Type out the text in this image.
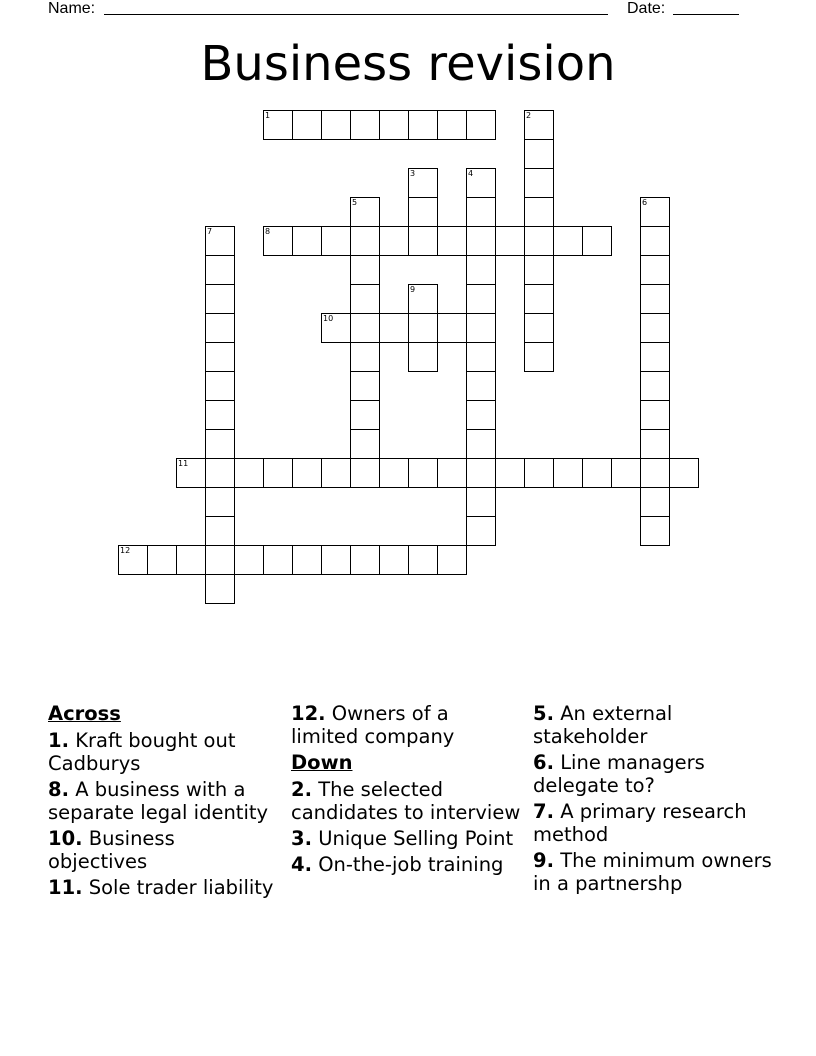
Name:	Date:
Business revision
1	2
3	4
5	6
7	8
9
10
11
12
Across
1. Kraft bought out Cadburys
8. A business with a separate legal identity
10. Business objectives
11. Sole trader liability
12. Owners of a limited company
Down
2. The selected candidates to interview
3. Unique Selling Point
4. On-the-job training
5. An external stakeholder
6. Line managers delegate to?
7. A primary research method
9. The minimum owners in a partnershp
